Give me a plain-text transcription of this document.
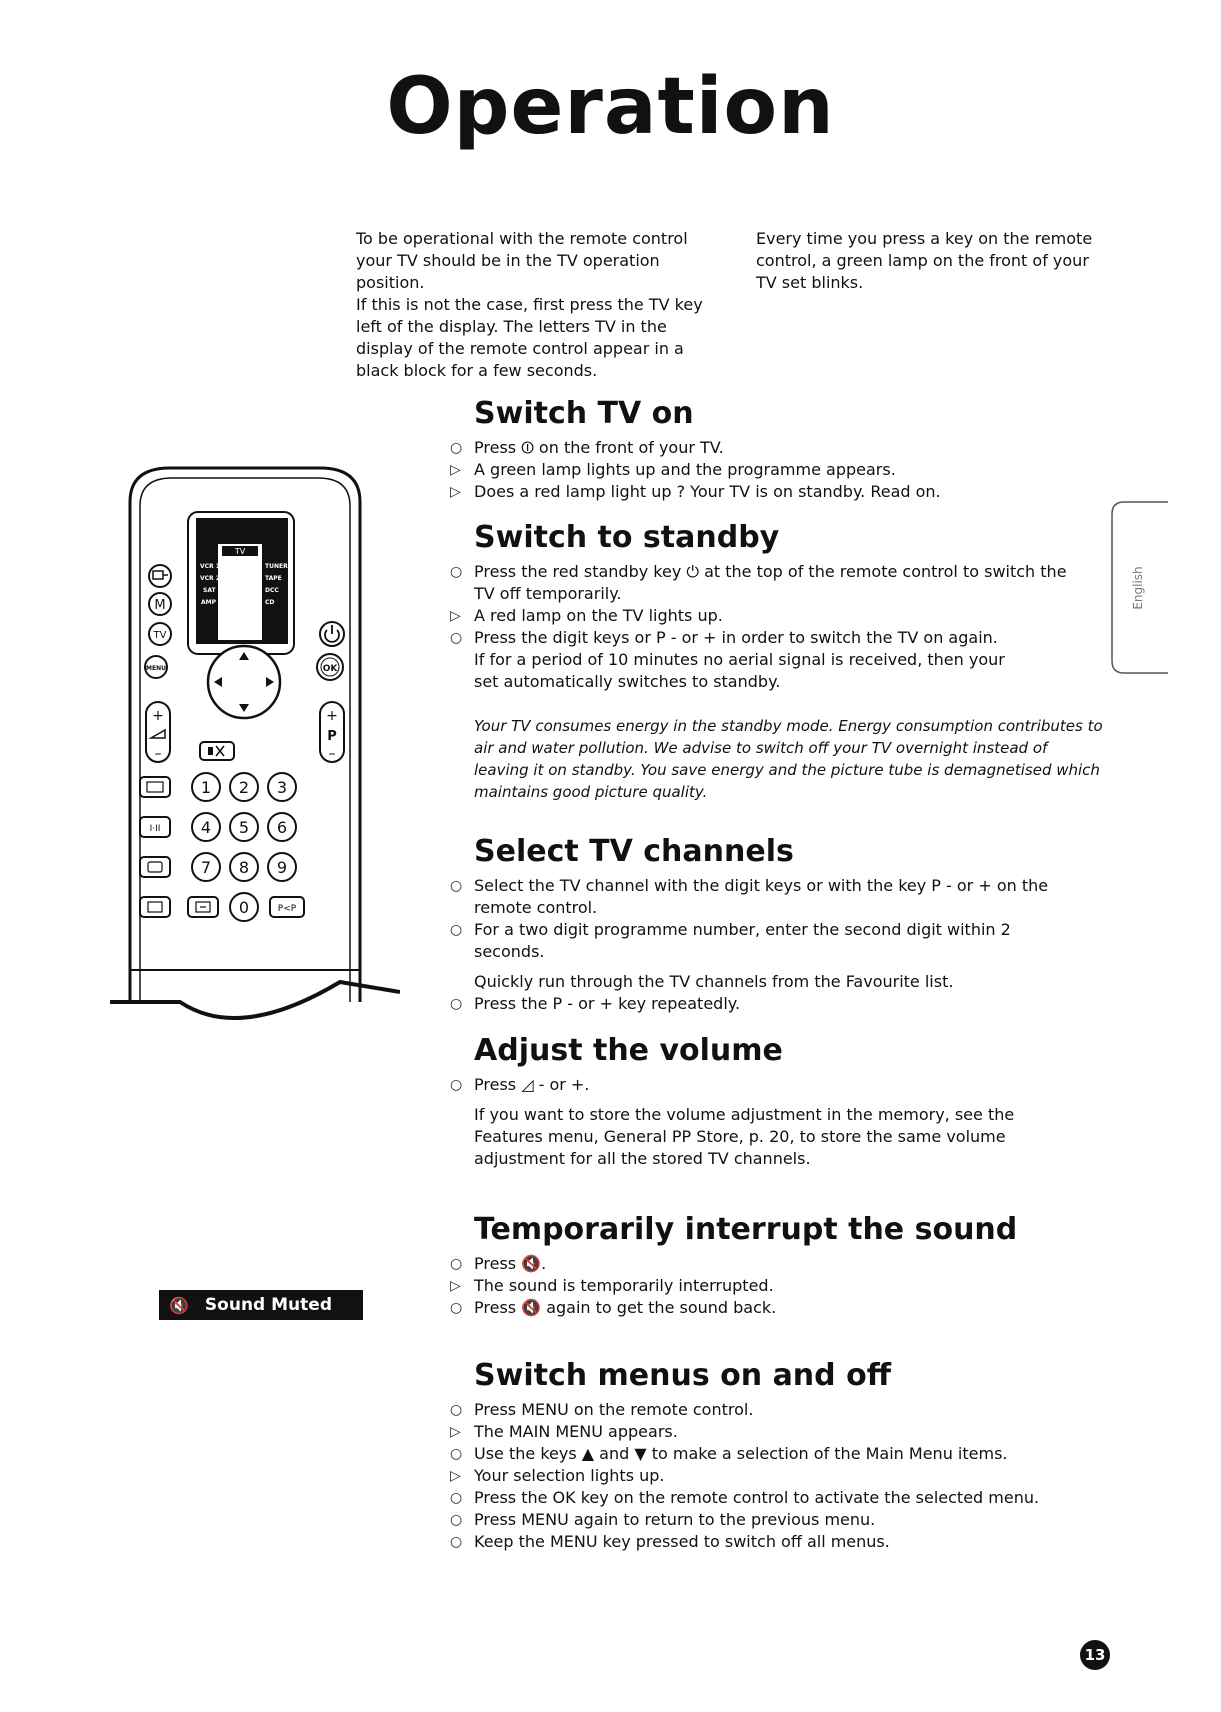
Operation

To be operational with the remote control your TV should be in the TV operation position.

If this is not the case, first press the TV key left of the display. The letters TV in the display of the remote control appear in a black block for a few seconds.

Every time you press a key on the remote control, a green lamp on the front of your TV set blinks.

Switch TV on
○ Press ⏼ on the front of your TV.
▷ A green lamp lights up and the programme appears.
▷ Does a red lamp light up ? Your TV is on standby. Read on.
Switch to standby
○ Press the red standby key ⏻ at the top of the remote control to switch the TV off temporarily.
▷ A red lamp on the TV lights up.
○ Press the digit keys or P - or + in order to switch the TV on again.

If for a period of 10 minutes no aerial signal is received, then your set automatically switches to standby.

Your TV consumes energy in the standby mode. Energy consumption contributes to air and water pollution. We advise to switch off your TV overnight instead of leaving it on standby. You save energy and the picture tube is demagnetised which maintains good picture quality.

Select TV channels
○ Select the TV channel with the digit keys or with the key P - or + on the remote control.
○ For a two digit programme number, enter the second digit within 2 seconds.

Quickly run through the TV channels from the Favourite list.

○ Press the P - or + key repeatedly.
Adjust the volume
○ Press ◿ - or +.

If you want to store the volume adjustment in the memory, see the Features menu, General PP Store, p. 20, to store the same volume adjustment for all the stored TV channels.

Temporarily interrupt the sound
○ Press 🔇.
▷ The sound is temporarily interrupted.
○ Press 🔇 again to get the sound back.
🔇 Sound Muted
Switch menus on and off
○ Press MENU on the remote control.
▷ The MAIN MENU appears.
○ Use the keys ▲ and ▼ to make a selection of the Main Menu items.
▷ Your selection lights up.
○ Press the OK key on the remote control to activate the selected menu.
○ Press MENU again to return to the previous menu.
○ Keep the MENU key pressed to switch off all menus.
English
13
TV
VCR 1
VCR 2
SAT
AMP
TUNER
TAPE
DCC
CD
M
TV
MENU	OK
+
–
+
P
–
1 2 3
I·II	4 5 6
7 8 9
0	P<P
